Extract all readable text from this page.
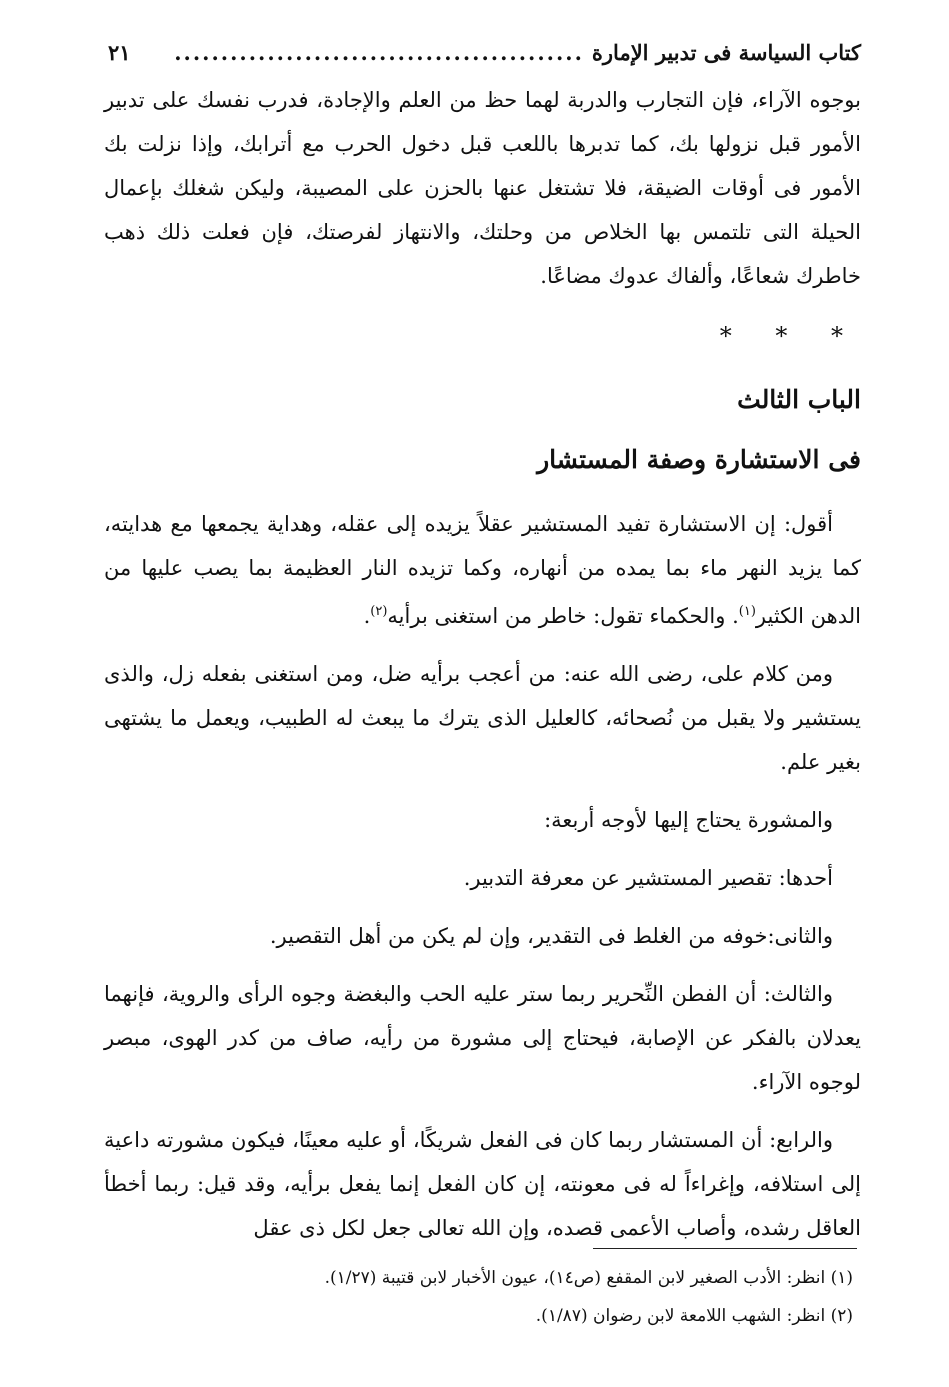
كتاب السياسة فى تدبير الإمارة
............................................
٢١

بوجوه الآراء، فإن التجارب والدربة لهما حظ من العلم والإجادة، فدرب نفسك على تدبير الأمور قبل نزولها بك، كما تدبرها باللعب قبل دخول الحرب مع أترابك، وإذا نزلت بك الأمور فى أوقات الضيقة، فلا تشتغل عنها بالحزن على المصيبة، وليكن شغلك بإعمال الحيلة التى تلتمس بها الخلاص من وحلتك، والانتهاز لفرصتك، فإن فعلت ذلك ذهب خاطرك شعاعًا، وألفاك عدوك مضاعًا.

* * *
الباب الثالث
فى الاستشارة وصفة المستشار

أقول: إن الاستشارة تفيد المستشير عقلاً يزيده إلى عقله، وهداية يجمعها مع هدايته، كما يزيد النهر ماء بما يمده من أنهاره، وكما تزيده النار العظيمة بما يصب عليها من الدهن الكثير$^{(١)}$. والحكماء تقول: خاطر من استغنى برأيه$^{(٢)}$.

ومن كلام على، رضى الله عنه: من أعجب برأيه ضل، ومن استغنى بفعله زل، والذى يستشير ولا يقبل من نُصحائه، كالعليل الذى يترك ما يبعث له الطبيب، ويعمل ما يشتهى بغير علم.

والمشورة يحتاج إليها لأوجه أربعة:

أحدها: تقصير المستشير عن معرفة التدبير.

والثانى:خوفه من الغلط فى التقدير، وإن لم يكن من أهل التقصير.

والثالث: أن الفطن النِّحرير ربما ستر عليه الحب والبغضة وجوه الرأى والروية، فإنهما يعدلان بالفكر عن الإصابة، فيحتاج إلى مشورة من رأيه، صاف من كدر الهوى، مبصر لوجوه الآراء.

والرابع: أن المستشار ربما كان فى الفعل شريكًا، أو عليه معينًا، فيكون مشورته داعية إلى استلافه، وإغراءاً له فى معونته، إن كان الفعل إنما يفعل برأيه، وقد قيل: ربما أخطأ العاقل رشده، وأصاب الأعمى قصده، وإن الله تعالى جعل لكل ذى عقل

(١) انظر: الأدب الصغير لابن المقفع (ص١٤)، عيون الأخبار لابن قتيبة (١/٢٧).
(٢) انظر: الشهب اللامعة لابن رضوان (١/٨٧).
